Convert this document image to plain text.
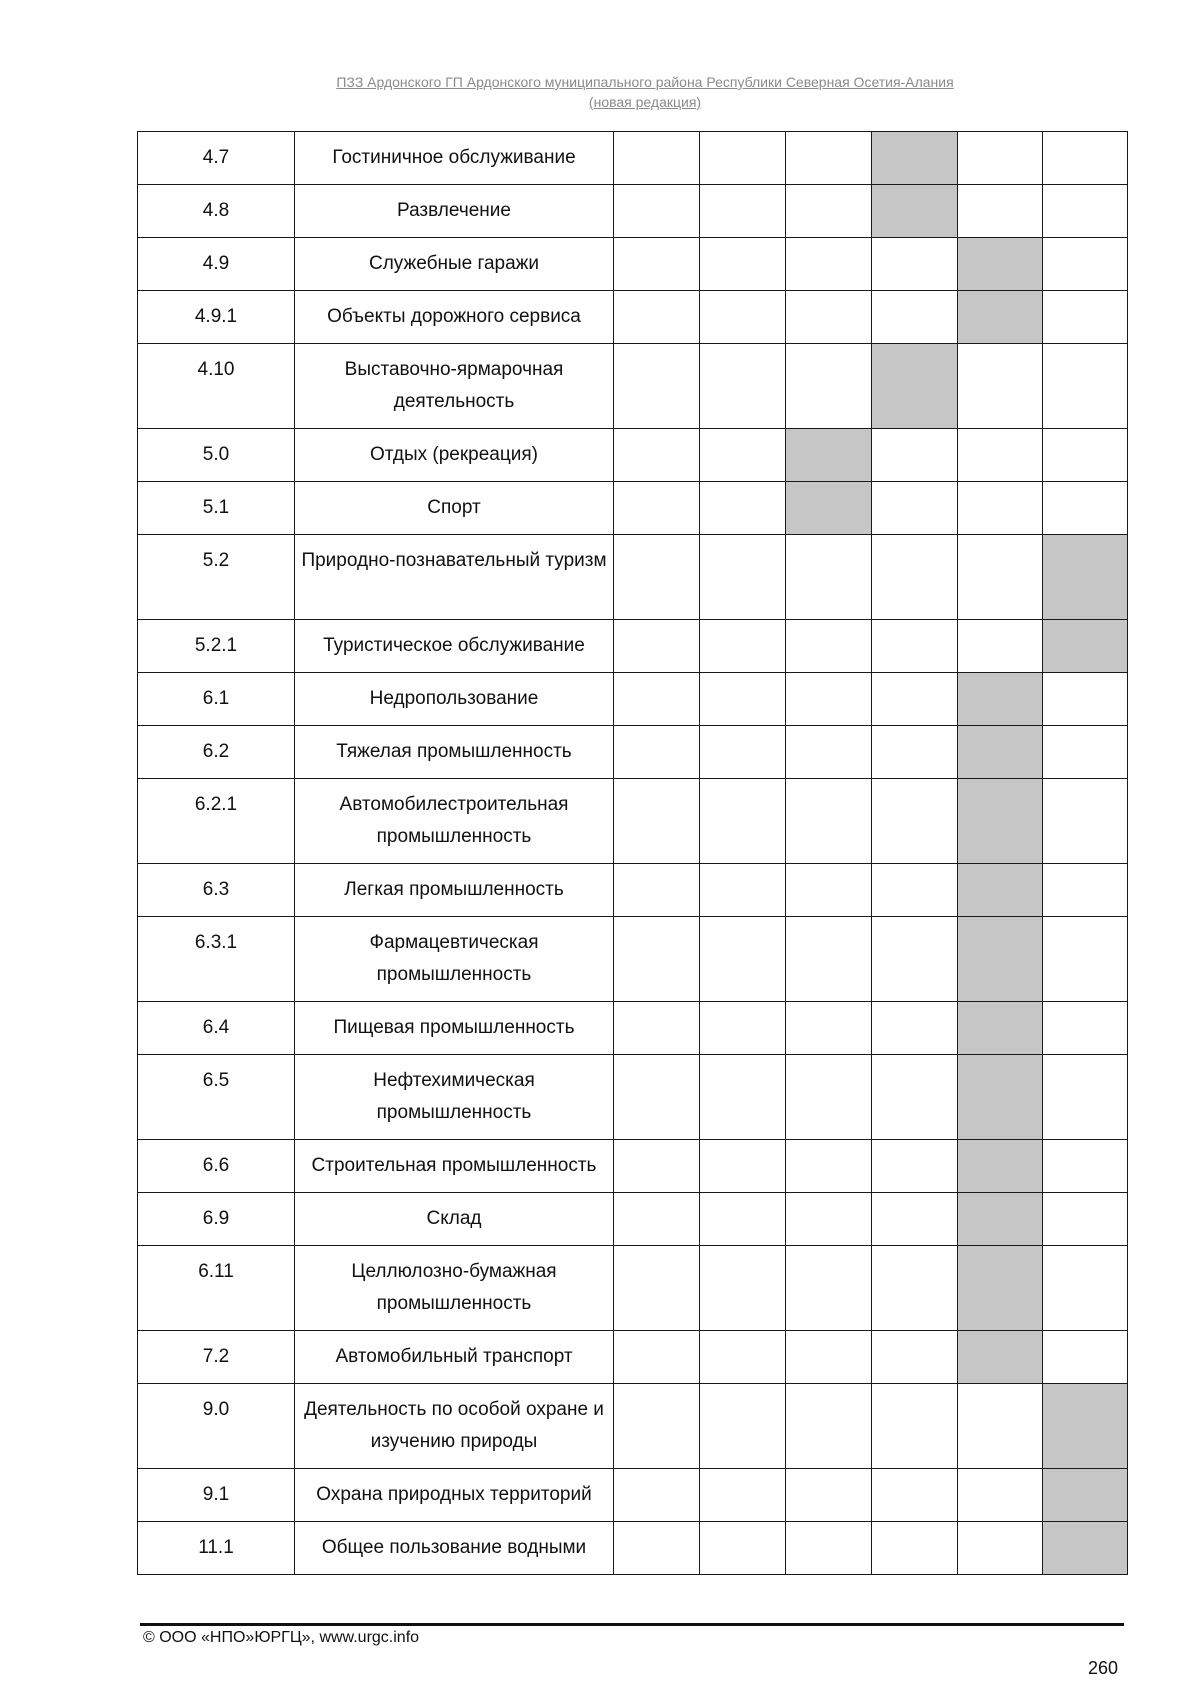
ПЗЗ Ардонского ГП Ардонского муниципального района Республики Северная Осетия-Алания
(новая редакция)
4.7	Гостиничное обслуживание						
4.8	Развлечение						
4.9	Служебные гаражи						
4.9.1	Объекты дорожного сервиса						
4.10	Выставочно-ярмарочная деятельность						
5.0	Отдых (рекреация)						
5.1	Спорт						
5.2	Природно-познавательный туризм						
5.2.1	Туристическое обслуживание						
6.1	Недропользование						
6.2	Тяжелая промышленность						
6.2.1	Автомобилестроительная промышленность						
6.3	Легкая промышленность						
6.3.1	Фармацевтическая промышленность						
6.4	Пищевая промышленность						
6.5	Нефтехимическая промышленность						
6.6	Строительная промышленность						
6.9	Склад						
6.11	Целлюлозно-бумажная промышленность						
7.2	Автомобильный транспорт						
9.0	Деятельность по особой охране и изучению природы						
9.1	Охрана природных территорий						
11.1	Общее пользование водными						
© ООО «НПО»ЮРГЦ», www.urgc.info
260
